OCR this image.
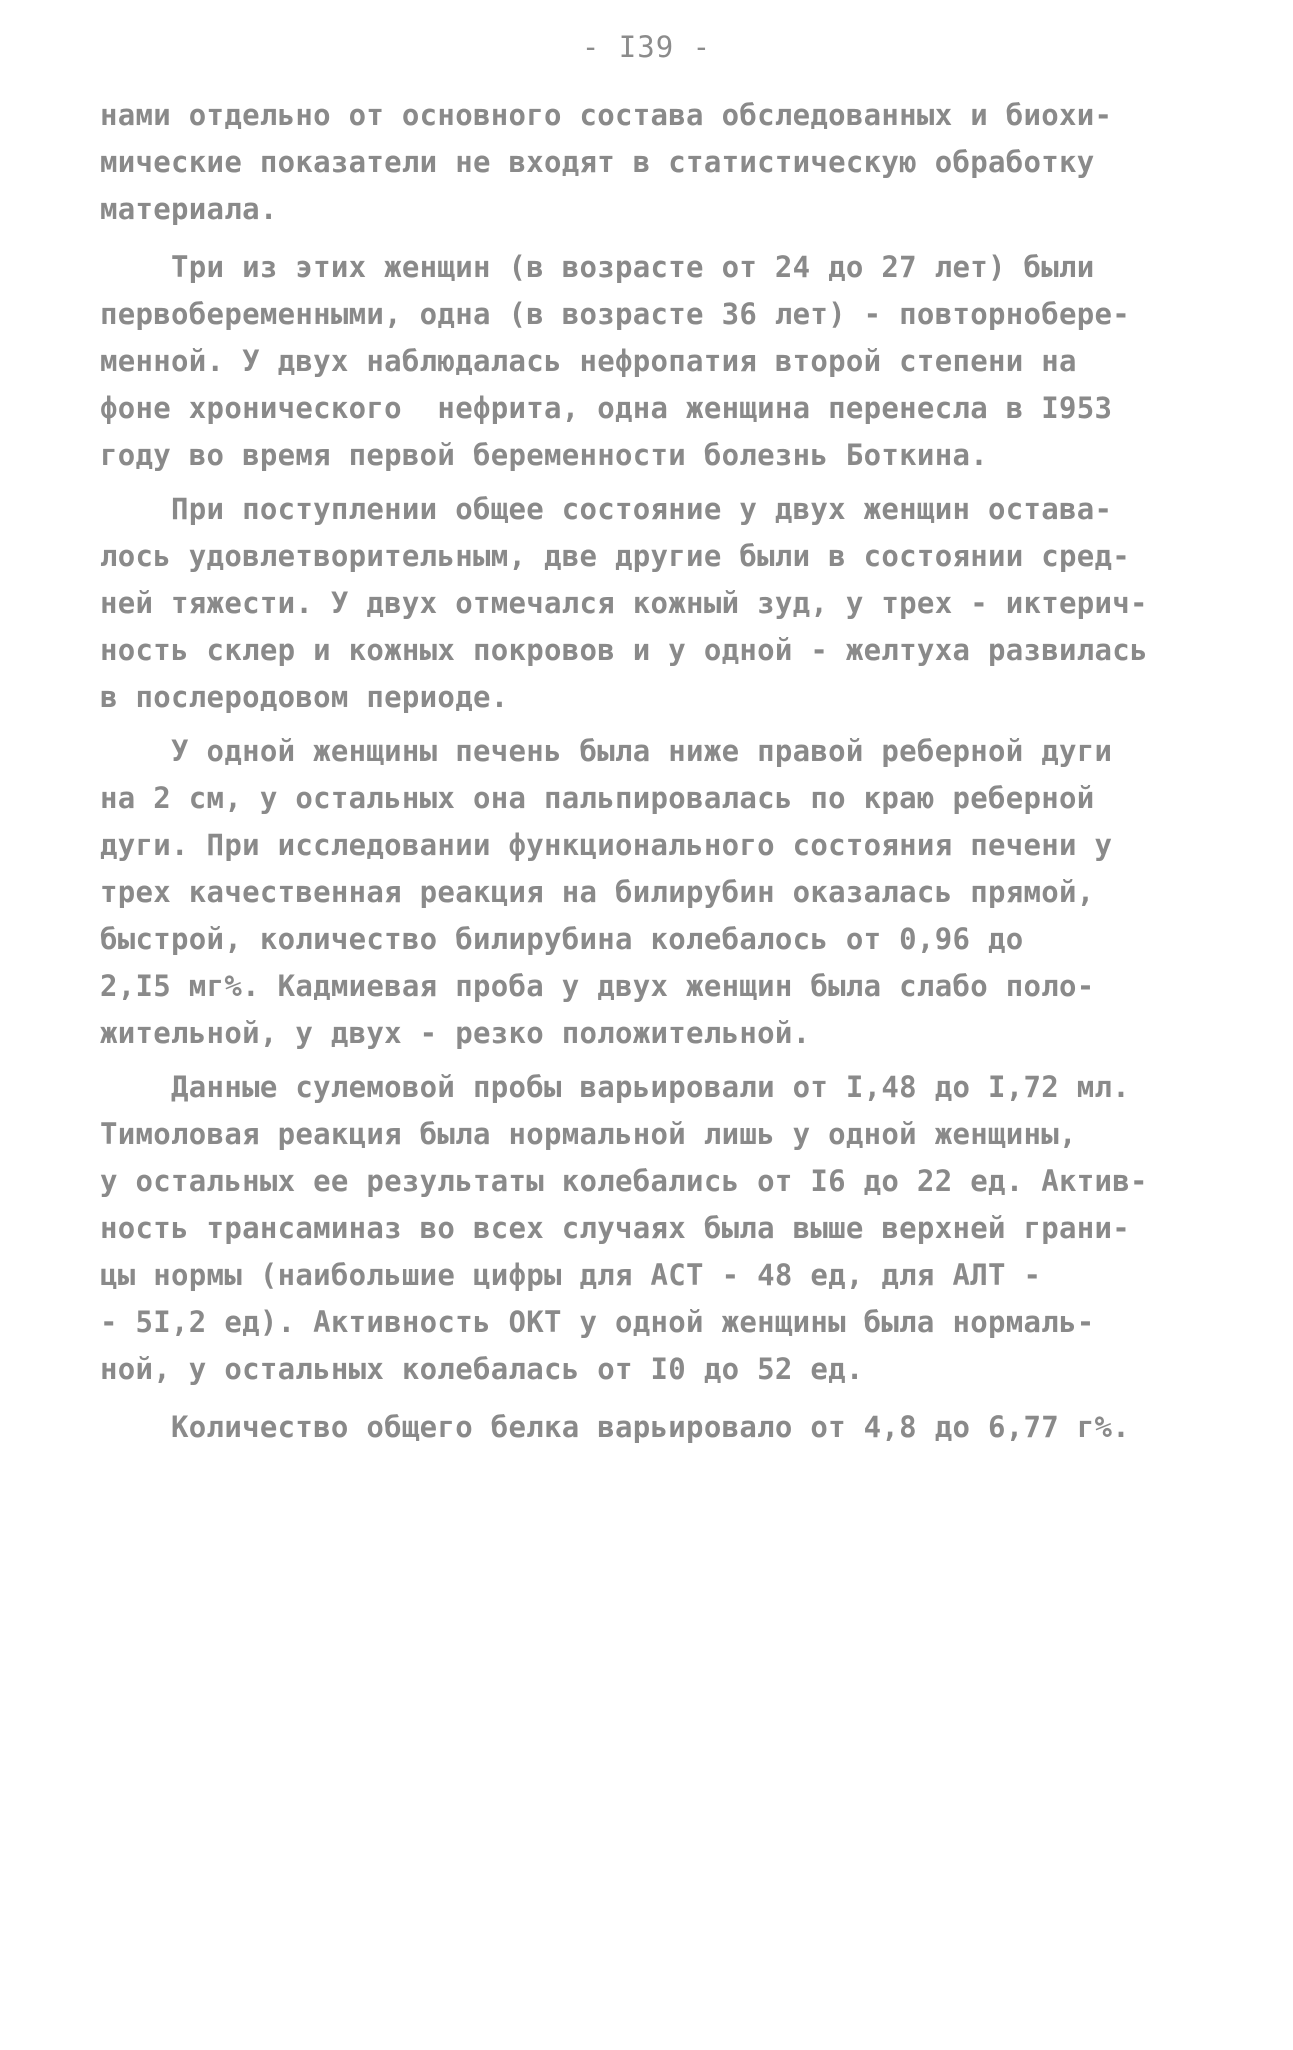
- I39 -
нами отдельно от основного состава обследованных и биохи-
мические показатели не входят в статистическую обработку
материала.
Три из этих женщин (в возрасте от 24 до 27 лет) были
первобеременными, одна (в возрасте 36 лет) - повторнобере-
менной. У двух наблюдалась нефропатия второй степени на
фоне хронического  нефрита, одна женщина перенесла в I953
году во время первой беременности болезнь Боткина.
При поступлении общее состояние у двух женщин остава-
лось удовлетворительным, две другие были в состоянии сред-
ней тяжести. У двух отмечался кожный зуд, у трех - иктерич-
ность склер и кожных покровов и у одной - желтуха развилась
в послеродовом периоде.
У одной женщины печень была ниже правой реберной дуги
на 2 см, у остальных она пальпировалась по краю реберной
дуги. При исследовании функционального состояния печени у
трех качественная реакция на билирубин оказалась прямой,
быстрой, количество билирубина колебалось от 0,96 до
2,I5 мг%. Кадмиевая проба у двух женщин была слабо поло-
жительной, у двух - резко положительной.
Данные сулемовой пробы варьировали от I,48 до I,72 мл.
Тимоловая реакция была нормальной лишь у одной женщины,
у остальных ее результаты колебались от I6 до 22 ед. Актив-
ность трансаминаз во всех случаях была выше верхней грани-
цы нормы (наибольшие цифры для АСТ - 48 ед, для АЛТ -
- 5I,2 ед). Активность ОКТ у одной женщины была нормаль-
ной, у остальных колебалась от I0 до 52 ед.
Количество общего белка варьировало от 4,8 до 6,77 г%.
